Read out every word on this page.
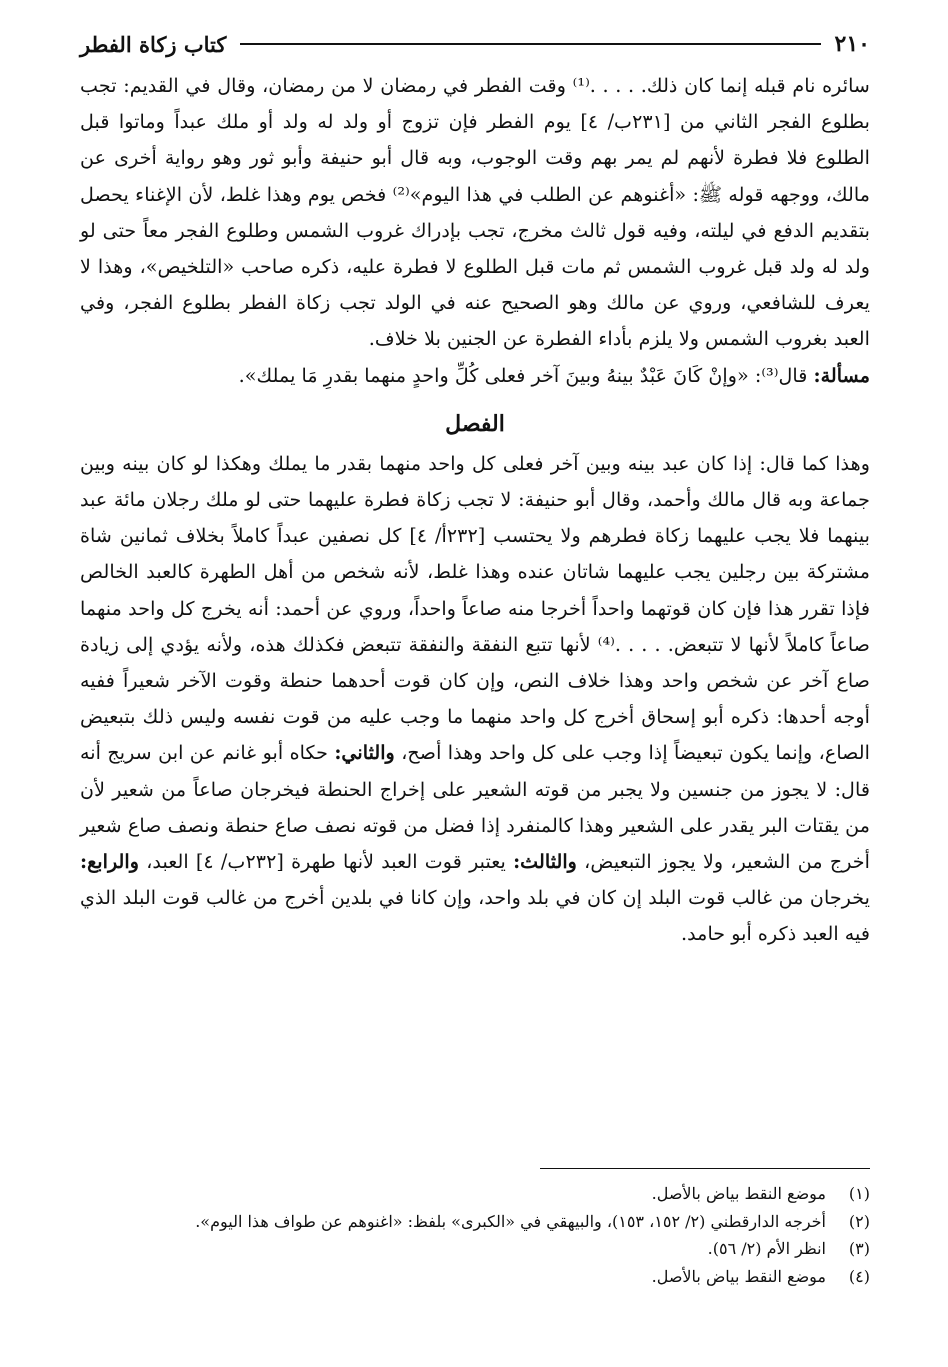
٢١٠
كتاب زكاة الفطر

سائره نام قبله إنما كان ذلك. . . . .⁽¹⁾ وقت الفطر في رمضان لا من رمضان، وقال في القديم: تجب بطلوع الفجر الثاني من [٢٣١ب/ ٤] يوم الفطر فإن تزوج أو ولد له ولد أو ملك عبداً وماتوا قبل الطلوع فلا فطرة لأنهم لم يمر بهم وقت الوجوب، وبه قال أبو حنيفة وأبو ثور وهو رواية أخرى عن مالك، ووجهه قوله ﷺ: «أغنوهم عن الطلب في هذا اليوم»⁽²⁾ فخص يوم وهذا غلط، لأن الإغناء يحصل بتقديم الدفع في ليلته، وفيه قول ثالث مخرج، تجب بإدراك غروب الشمس وطلوع الفجر معاً حتى لو ولد له ولد قبل غروب الشمس ثم مات قبل الطلوع لا فطرة عليه، ذكره صاحب «التلخيص»، وهذا لا يعرف للشافعي، وروي عن مالك وهو الصحيح عنه في الولد تجب زكاة الفطر بطلوع الفجر، وفي العبد بغروب الشمس ولا يلزم بأداء الفطرة عن الجنين بلا خلاف.

مسألة: قال⁽³⁾: «وإنْ كَانَ عَبْدٌ بينهُ وبينَ آخر فعلى كُلِّ واحدٍ منهما بقدرِ مَا يملك».

الفصل

وهذا كما قال: إذا كان عبد بينه وبين آخر فعلى كل واحد منهما بقدر ما يملك وهكذا لو كان بينه وبين جماعة وبه قال مالك وأحمد، وقال أبو حنيفة: لا تجب زكاة فطرة عليهما حتى لو ملك رجلان مائة عبد بينهما فلا يجب عليهما زكاة فطرهم ولا يحتسب [٢٣٢أ/ ٤] كل نصفين عبداً كاملاً بخلاف ثمانين شاة مشتركة بين رجلين يجب عليهما شاتان عنده وهذا غلط، لأنه شخص من أهل الطهرة كالعبد الخالص فإذا تقرر هذا فإن كان قوتهما واحداً أخرجا منه صاعاً واحداً، وروي عن أحمد: أنه يخرج كل واحد منهما صاعاً كاملاً لأنها لا تتبعض. . . . .⁽⁴⁾ لأنها تتبع النفقة والنفقة تتبعض فكذلك هذه، ولأنه يؤدي إلى زيادة صاع آخر عن شخص واحد وهذا خلاف النص، وإن كان قوت أحدهما حنطة وقوت الآخر شعيراً ففيه أوجه أحدها: ذكره أبو إسحاق أخرج كل واحد منهما ما وجب عليه من قوت نفسه وليس ذلك بتبعيض الصاع، وإنما يكون تبعيضاً إذا وجب على كل واحد وهذا أصح، والثاني: حكاه أبو غانم عن ابن سريج أنه قال: لا يجوز من جنسين ولا يجبر من قوته الشعير على إخراج الحنطة فيخرجان صاعاً من شعير لأن من يقتات البر يقدر على الشعير وهذا كالمنفرد إذا فضل من قوته نصف صاع حنطة ونصف صاع شعير أخرج من الشعير، ولا يجوز التبعيض، والثالث: يعتبر قوت العبد لأنها طهرة [٢٣٢ب/ ٤] العبد، والرابع: يخرجان من غالب قوت البلد إن كان في بلد واحد، وإن كانا في بلدين أخرج من غالب قوت البلد الذي فيه العبد ذكره أبو حامد.

(١)
موضع النقط بياض بالأصل.
(٢)
أخرجه الدارقطني (٢/ ١٥٢، ١٥٣)، والبيهقي في «الكبرى» بلفظ: «اغنوهم عن طواف هذا اليوم».
(٣)
انظر الأم (٢/ ٥٦).
(٤)
موضع النقط بياض بالأصل.
